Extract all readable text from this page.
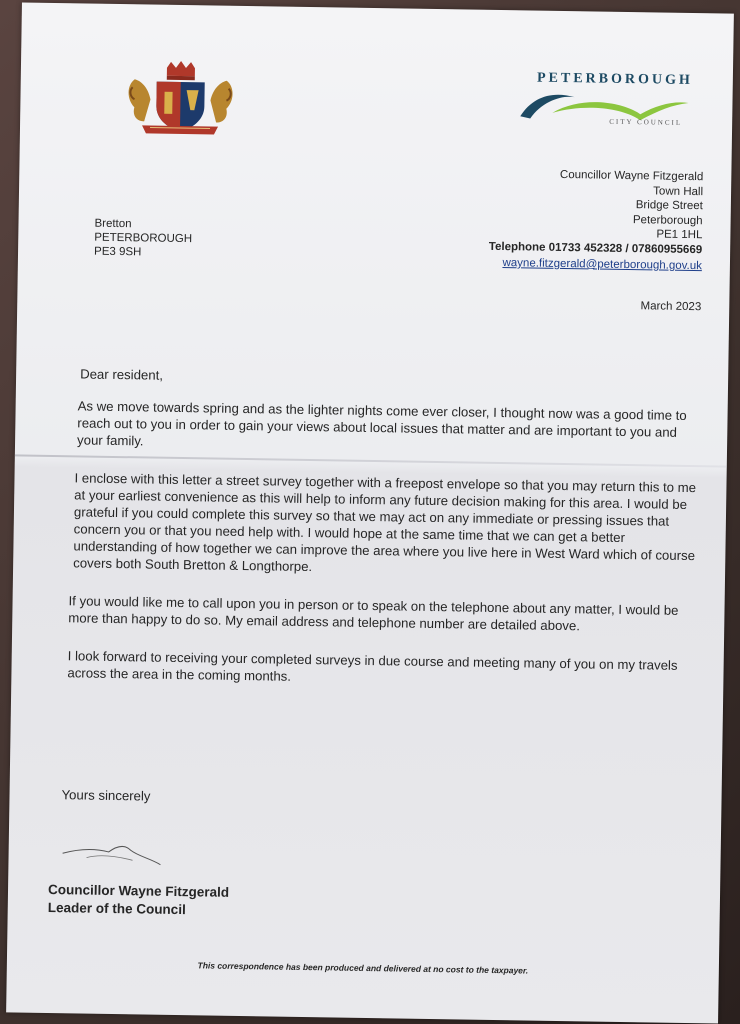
PETERBOROUGH
CITY COUNCIL
Councillor Wayne Fitzgerald
Town Hall
Bridge Street
Peterborough
PE1 1HL
Telephone 01733 452328 / 07860955669
wayne.fitzgerald@peterborough.gov.uk
Bretton
PETERBOROUGH
PE3 9SH
March 2023

Dear resident,

As we move towards spring and as the lighter nights come ever closer, I thought now was a good time to reach out to you in order to gain your views about local issues that matter and are important to you and your family.

I enclose with this letter a street survey together with a freepost envelope so that you may return this to me at your earliest convenience as this will help to inform any future decision making for this area. I would be grateful if you could complete this survey so that we may act on any immediate or pressing issues that concern you or that you need help with. I would hope at the same time that we can get a better understanding of how together we can improve the area where you live here in West Ward which of course covers both South Bretton & Longthorpe.

If you would like me to call upon you in person or to speak on the telephone about any matter, I would be more than happy to do so. My email address and telephone number are detailed above.

I look forward to receiving your completed surveys in due course and meeting many of you on my travels across the area in the coming months.

Yours sincerely
Councillor Wayne Fitzgerald
Leader of the Council
This correspondence has been produced and delivered at no cost to the taxpayer.
